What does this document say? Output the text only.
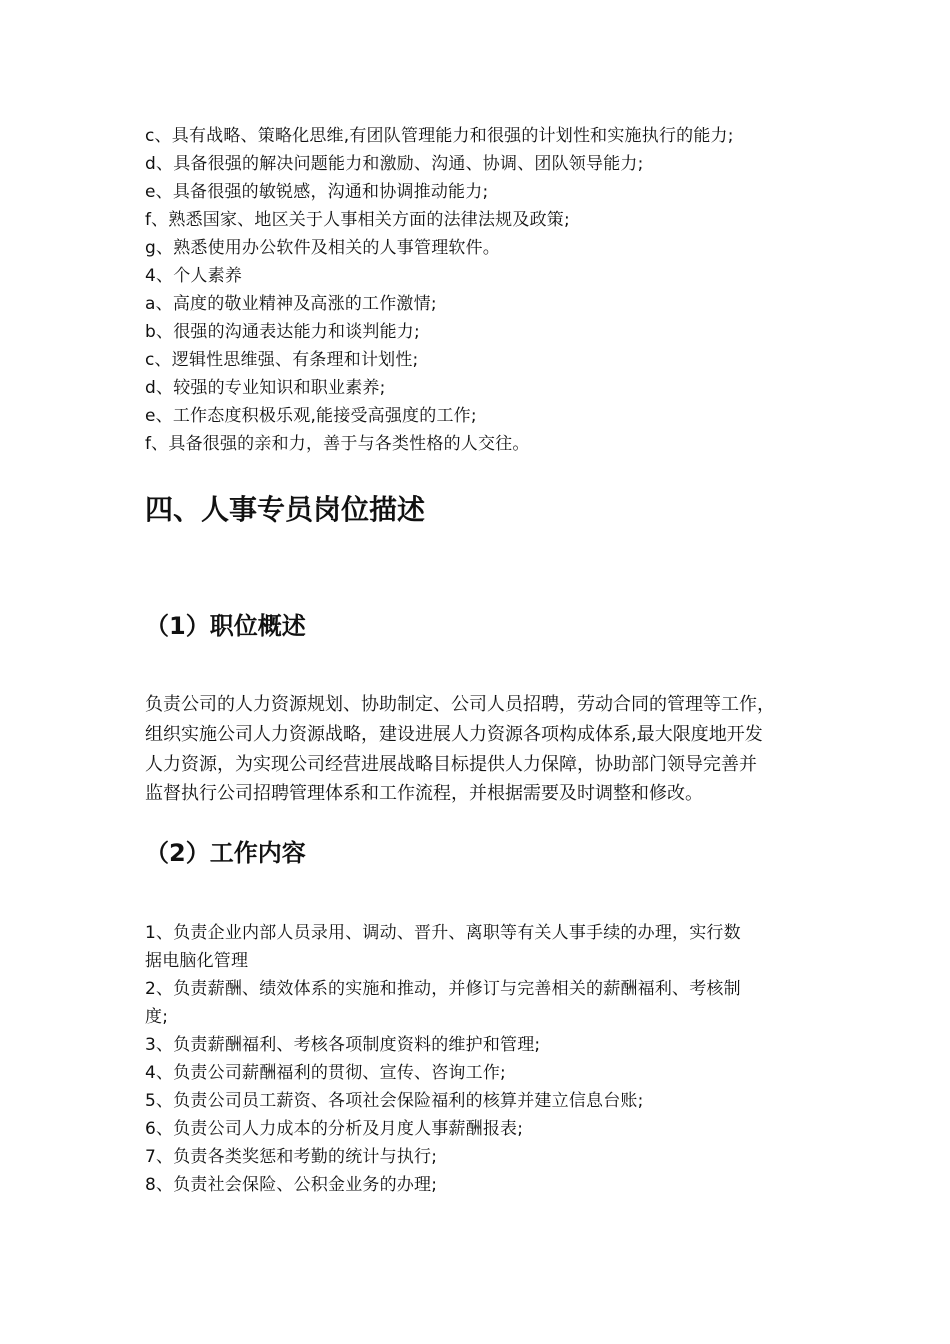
c、具有战略、策略化思维,有团队管理能力和很强的计划性和实施执行的能力;
d、具备很强的解决问题能力和激励、沟通、协调、团队领导能力;
e、具备很强的敏锐感，沟通和协调推动能力;
f、熟悉国家、地区关于人事相关方面的法律法规及政策;
g、熟悉使用办公软件及相关的人事管理软件。
4、个人素养
a、高度的敬业精神及高涨的工作激情;
b、很强的沟通表达能力和谈判能力;
c、逻辑性思维强、有条理和计划性;
d、较强的专业知识和职业素养;
e、工作态度积极乐观,能接受高强度的工作;
f、具备很强的亲和力，善于与各类性格的人交往。
四、人事专员岗位描述
（1）职位概述
负责公司的人力资源规划、协助制定、公司人员招聘，劳动合同的管理等工作，
组织实施公司人力资源战略，建设进展人力资源各项构成体系,最大限度地开发
人力资源，为实现公司经营进展战略目标提供人力保障，协助部门领导完善并
监督执行公司招聘管理体系和工作流程，并根据需要及时调整和修改。
（2）工作内容
1、负责企业内部人员录用、调动、晋升、离职等有关人事手续的办理，实行数
据电脑化管理
2、负责薪酬、绩效体系的实施和推动，并修订与完善相关的薪酬福利、考核制
度;
3、负责薪酬福利、考核各项制度资料的维护和管理;
4、负责公司薪酬福利的贯彻、宣传、咨询工作;
5、负责公司员工薪资、各项社会保险福利的核算并建立信息台账;
6、负责公司人力成本的分析及月度人事薪酬报表;
7、负责各类奖惩和考勤的统计与执行;
8、负责社会保险、公积金业务的办理;
